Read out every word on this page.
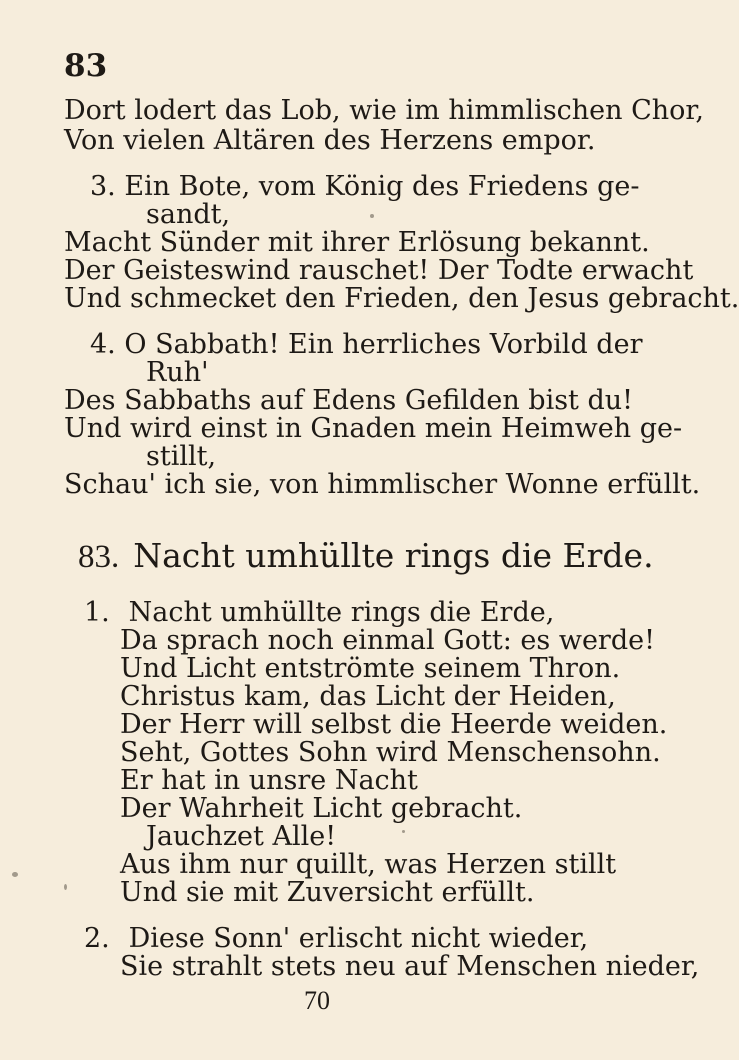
83
Dort lodert das Lob, wie im himmlischen Chor,
Von vielen Altären des Herzens empor.
3. Ein Bote, vom König des Friedens ge-
sandt,
Macht Sünder mit ihrer Erlösung bekannt.
Der Geisteswind rauschet! Der Todte erwacht
Und schmecket den Frieden, den Jesus gebracht.
4. O Sabbath! Ein herrliches Vorbild der
Ruh'
Des Sabbaths auf Edens Gefilden bist du!
Und wird einst in Gnaden mein Heimweh ge-
stillt,
Schau' ich sie, von himmlischer Wonne erfüllt.
83. Nacht umhüllte rings die Erde.
1. Nacht umhüllte rings die Erde,
Da sprach noch einmal Gott: es werde!
Und Licht entströmte seinem Thron.
Christus kam, das Licht der Heiden,
Der Herr will selbst die Heerde weiden.
Seht, Gottes Sohn wird Menschensohn.
Er hat in unsre Nacht
Der Wahrheit Licht gebracht.
Jauchzet Alle!
Aus ihm nur quillt, was Herzen stillt
Und sie mit Zuversicht erfüllt.
2. Diese Sonn' erlischt nicht wieder,
Sie strahlt stets neu auf Menschen nieder,
70
